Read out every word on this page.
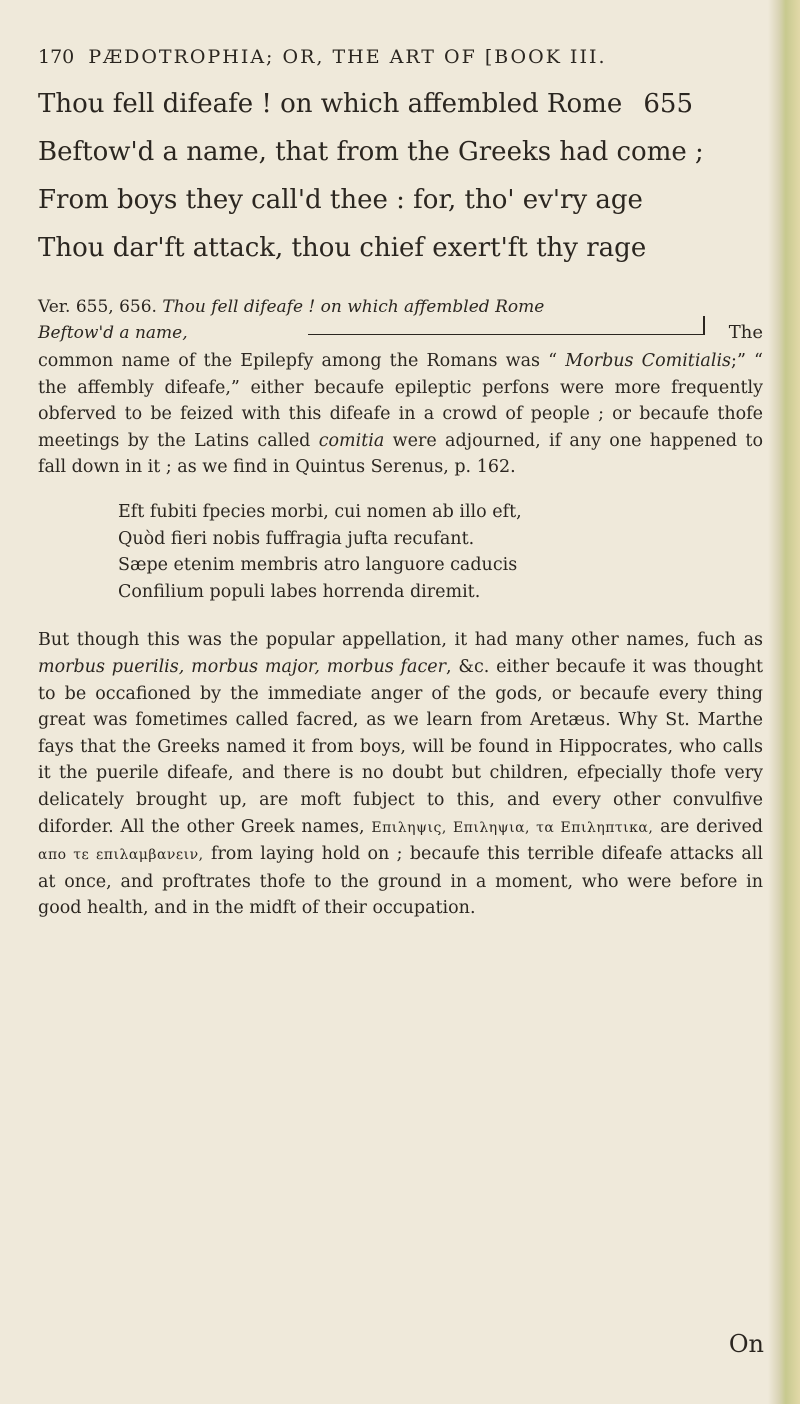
170 PÆDOTROPHIA; OR, THE ART OF [BOOK III.
Thou fell difeafe ! on which affembled Rome 655
Beftow'd a name, that from the Greeks had come ;
From boys they call'd thee : for, tho' ev'ry age
Thou dar'ft attack, thou chief exert'ft thy rage
Ver. 655, 656. Thou fell difeafe ! on which affembled Rome
Beftow'd a name,	The

common name of the Epilepfy among the Romans was “ Morbus Comitialis;” “ the affembly difeafe,” either becaufe epileptic perfons were more frequently obferved to be feized with this difeafe in a crowd of people ; or becaufe thofe meetings by the Latins called comitia were adjourned, if any one happened to fall down in it ; as we find in Quintus Serenus, p. 162.

Eft fubiti fpecies morbi, cui nomen ab illo eft,
Quòd fieri nobis fuffragia jufta recufant.
Sæpe etenim membris atro languore caducis
Confilium populi labes horrenda diremit.

But though this was the popular appellation, it had many other names, fuch as morbus puerilis, morbus major, morbus facer, &c. either becaufe it was thought to be occafioned by the immediate anger of the gods, or becaufe every thing great was fometimes called facred, as we learn from Aretæus. Why St. Marthe fays that the Greeks named it from boys, will be found in Hippocrates, who calls it the puerile difeafe, and there is no doubt but children, efpecially thofe very delicately brought up, are moft fubject to this, and every other convulfive diforder. All the other Greek names, Επιληψις, Επιληψια, τα Επιληπτικα, are derived απο τε επιλαμβανειν, from laying hold on ; becaufe this terrible difeafe attacks all at once, and proftrates thofe to the ground in a moment, who were before in good health, and in the midft of their occupation.

On
